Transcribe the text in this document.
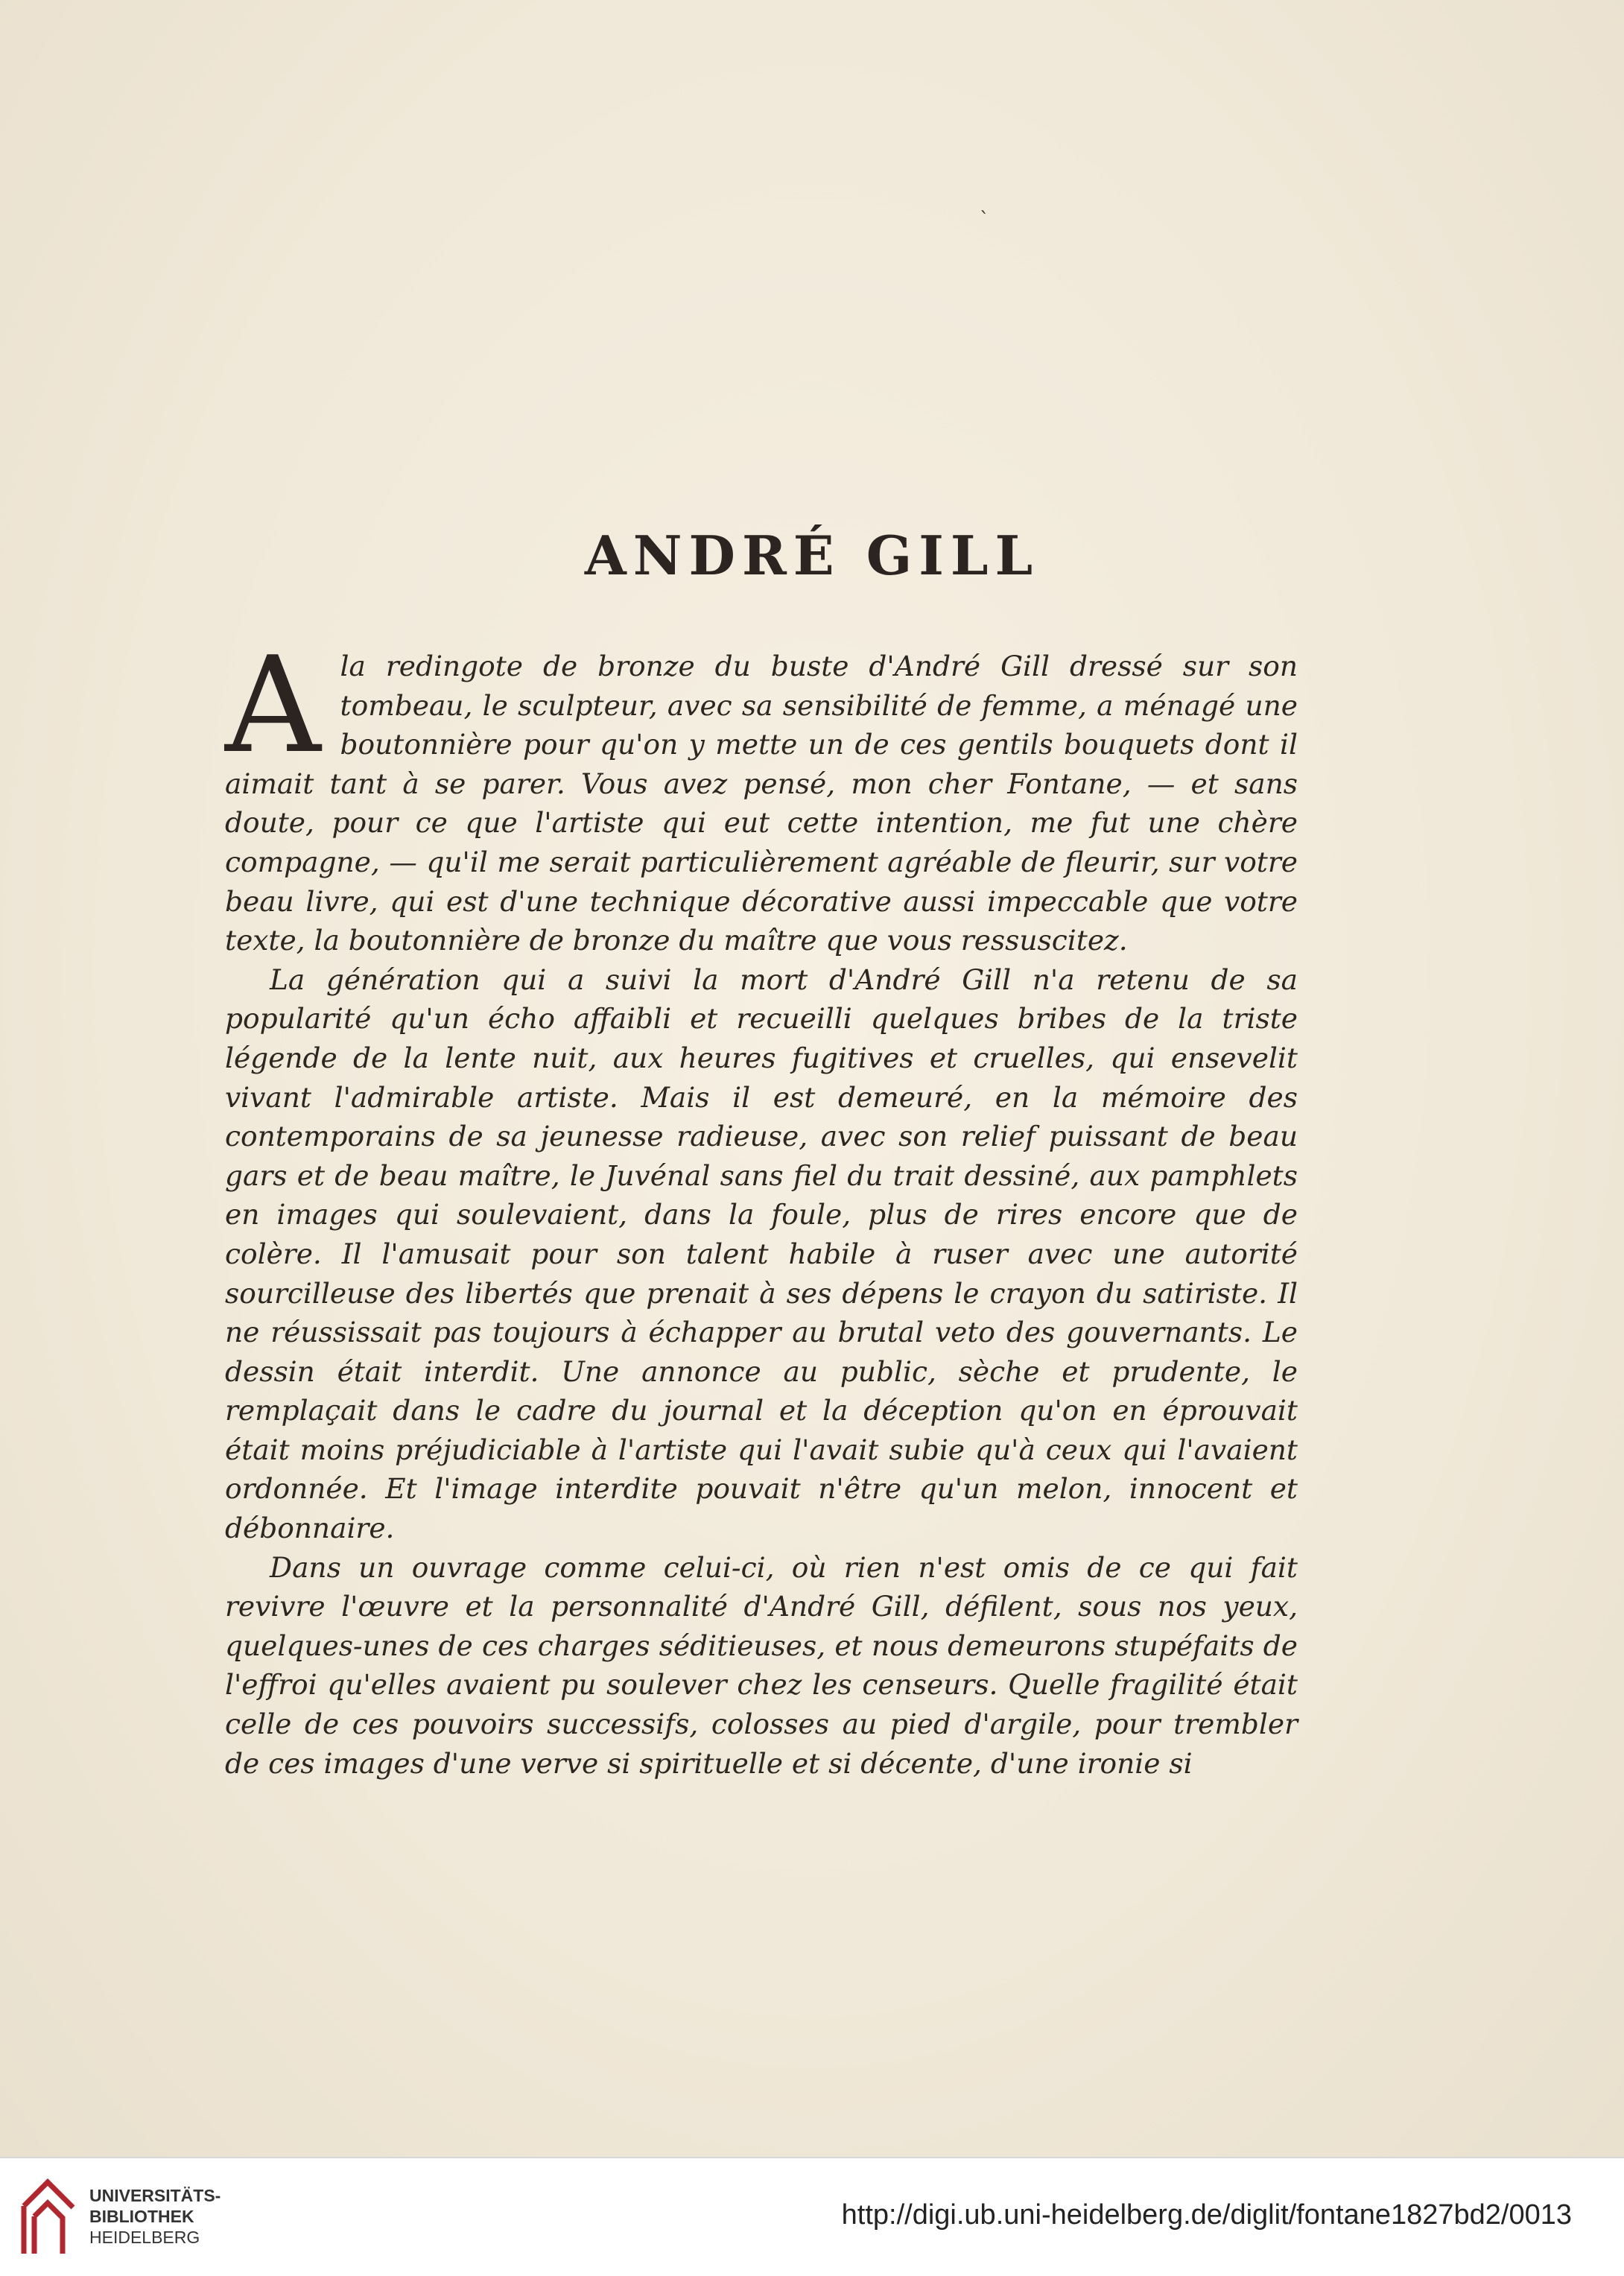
`
ANDRÉ GILL

Ala redingote de bronze du buste d'André Gill dressé sur son tombeau, le sculpteur, avec sa sensibilité de femme, a ménagé une boutonnière pour qu'on y mette un de ces gentils bouquets dont il aimait tant à se parer. Vous avez pensé, mon cher Fontane, — et sans doute, pour ce que l'artiste qui eut cette intention, me fut une chère compagne, — qu'il me serait particulièrement agréable de fleurir, sur votre beau livre, qui est d'une technique décorative aussi impeccable que votre texte, la boutonnière de bronze du maître que vous ressuscitez.

La génération qui a suivi la mort d'André Gill n'a retenu de sa popularité qu'un écho affaibli et recueilli quelques bribes de la triste légende de la lente nuit, aux heures fugitives et cruelles, qui ensevelit vivant l'admirable artiste. Mais il est demeuré, en la mémoire des contemporains de sa jeunesse radieuse, avec son relief puissant de beau gars et de beau maître, le Juvénal sans fiel du trait dessiné, aux pamphlets en images qui soulevaient, dans la foule, plus de rires encore que de colère. Il l'amusait pour son talent habile à ruser avec une autorité sourcilleuse des libertés que prenait à ses dépens le crayon du satiriste. Il ne réussissait pas toujours à échapper au brutal veto des gouvernants. Le dessin était interdit. Une annonce au public, sèche et prudente, le remplaçait dans le cadre du journal et la déception qu'on en éprouvait était moins préjudiciable à l'artiste qui l'avait subie qu'à ceux qui l'avaient ordonnée. Et l'image interdite pouvait n'être qu'un melon, innocent et débonnaire.

Dans un ouvrage comme celui-ci, où rien n'est omis de ce qui fait revivre l'œuvre et la personnalité d'André Gill, défilent, sous nos yeux, quelques-unes de ces charges séditieuses, et nous demeurons stupéfaits de l'effroi qu'elles avaient pu soulever chez les censeurs. Quelle fragilité était celle de ces pouvoirs successifs, colosses au pied d'argile, pour trembler de ces images d'une verve si spirituelle et si décente, d'une ironie si

UNIVERSITÄTS-
BIBLIOTHEK
HEIDELBERG
http://digi.ub.uni-heidelberg.de/diglit/fontane1827bd2/0013
